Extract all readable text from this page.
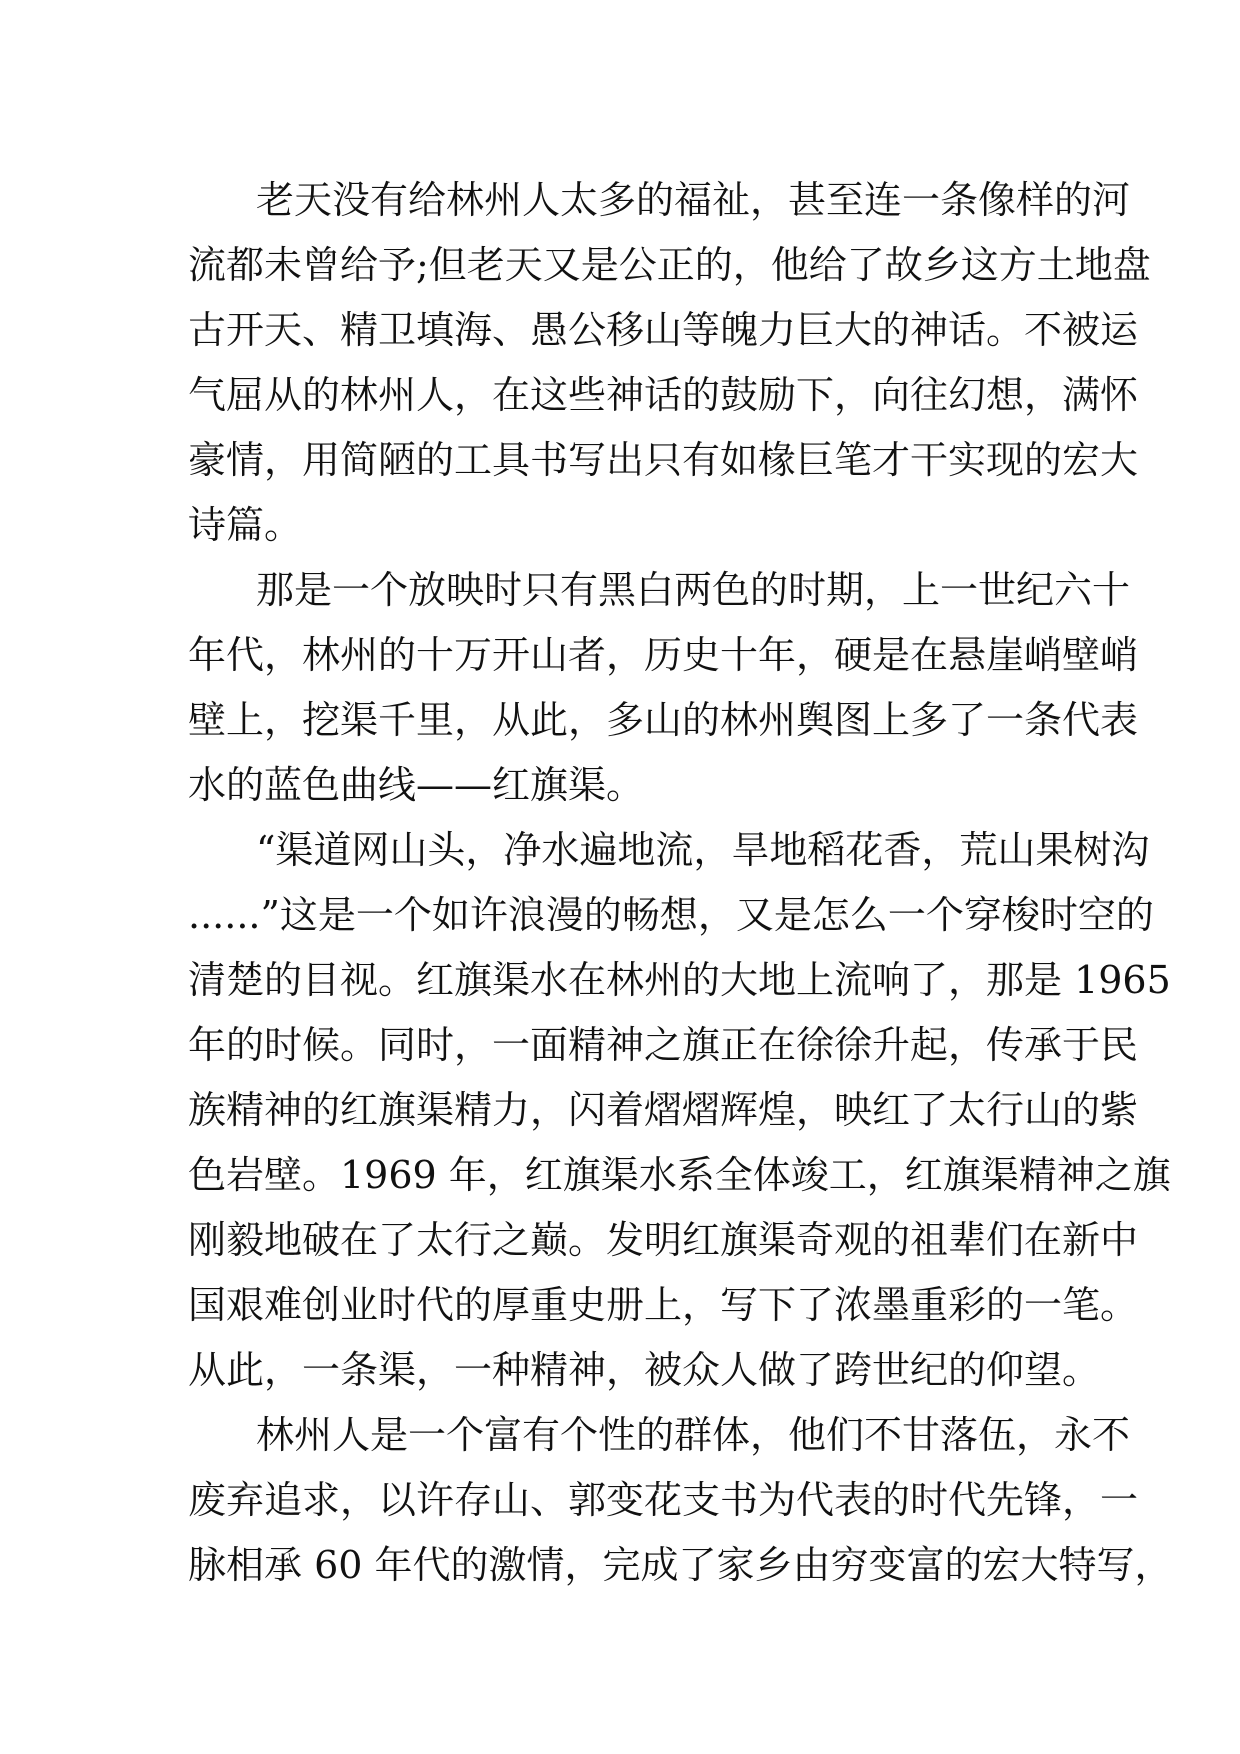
老天没有给林州人太多的福祉，甚至连一条像样的河
流都未曾给予;但老天又是公正的，他给了故乡这方土地盘
古开天、精卫填海、愚公移山等魄力巨大的神话。不被运
气屈从的林州人，在这些神话的鼓励下，向往幻想，满怀
豪情，用简陋的工具书写出只有如椽巨笔才干实现的宏大
诗篇。
那是一个放映时只有黑白两色的时期，上一世纪六十
年代，林州的十万开山者，历史十年，硬是在悬崖峭壁峭
壁上，挖渠千里，从此，多山的林州舆图上多了一条代表
水的蓝色曲线——红旗渠。
“渠道网山头，净水遍地流，旱地稻花香，荒山果树沟
......”这是一个如许浪漫的畅想，又是怎么一个穿梭时空的
清楚的目视。红旗渠水在林州的大地上流响了，那是 1965
年的时候。同时，一面精神之旗正在徐徐升起，传承于民
族精神的红旗渠精力，闪着熠熠辉煌，映红了太行山的紫
色岩壁。1969 年，红旗渠水系全体竣工，红旗渠精神之旗
刚毅地破在了太行之巅。发明红旗渠奇观的祖辈们在新中
国艰难创业时代的厚重史册上，写下了浓墨重彩的一笔。
从此，一条渠，一种精神，被众人做了跨世纪的仰望。
林州人是一个富有个性的群体，他们不甘落伍，永不
废弃追求，以许存山、郭变花支书为代表的时代先锋，一
脉相承 60 年代的激情，完成了家乡由穷变富的宏大特写，
